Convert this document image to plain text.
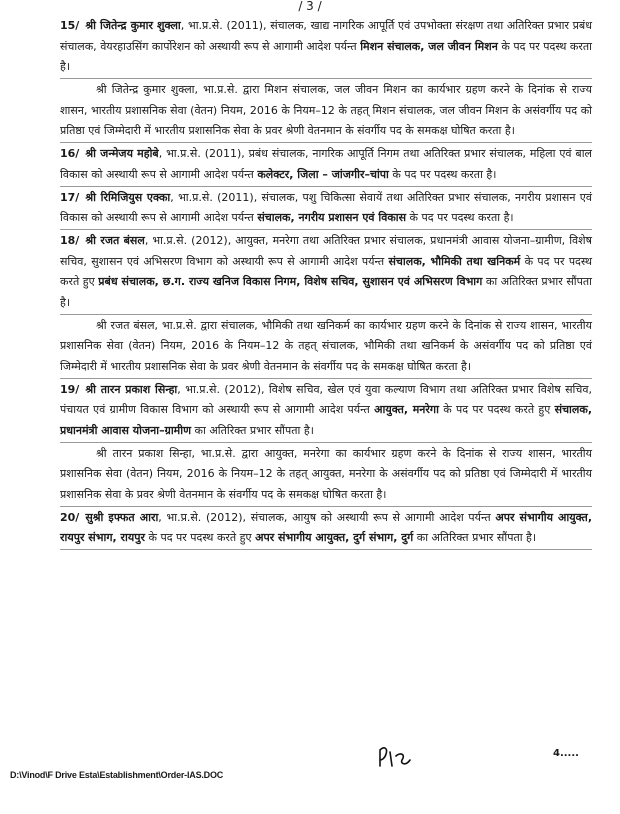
/ 3 /

15/ श्री जितेन्द्र कुमार शुक्ला, भा.प्र.से. (2011), संचालक, खाद्य नागरिक आपूर्ति एवं उपभोक्ता संरक्षण तथा अतिरिक्त प्रभार प्रबंध संचालक, वेयरहाउसिंग कार्पोरेशन को अस्थायी रूप से आगामी आदेश पर्यन्त मिशन संचालक, जल जीवन मिशन के पद पर पदस्थ करता है।

श्री जितेन्द्र कुमार शुक्ला, भा.प्र.से. द्वारा मिशन संचालक, जल जीवन मिशन का कार्यभार ग्रहण करने के दिनांक से राज्य शासन, भारतीय प्रशासनिक सेवा (वेतन) नियम, 2016 के नियम–12 के तहत् मिशन संचालक, जल जीवन मिशन के असंवर्गीय पद को प्रतिष्ठा एवं जिम्मेदारी में भारतीय प्रशासनिक सेवा के प्रवर श्रेणी वेतनमान के संवर्गीय पद के समकक्ष घोषित करता है।

16/ श्री जन्मेजय महोबे, भा.प्र.से. (2011), प्रबंध संचालक, नागरिक आपूर्ति निगम तथा अतिरिक्त प्रभार संचालक, महिला एवं बाल विकास को अस्थायी रूप से आगामी आदेश पर्यन्त कलेक्टर, जिला – जांजगीर–चांपा के पद पर पदस्थ करता है।

17/ श्री रिमिजियुस एक्का, भा.प्र.से. (2011), संचालक, पशु चिकित्सा सेवायें तथा अतिरिक्त प्रभार संचालक, नगरीय प्रशासन एवं विकास को अस्थायी रूप से आगामी आदेश पर्यन्त संचालक, नगरीय प्रशासन एवं विकास के पद पर पदस्थ करता है।

18/ श्री रजत बंसल, भा.प्र.से. (2012), आयुक्त, मनरेगा तथा अतिरिक्त प्रभार संचालक, प्रधानमंत्री आवास योजना–ग्रामीण, विशेष सचिव, सुशासन एवं अभिसरण विभाग को अस्थायी रूप से आगामी आदेश पर्यन्त संचालक, भौमिकी तथा खनिकर्म के पद पर पदस्थ करते हुए प्रबंध संचालक, छ.ग. राज्य खनिज विकास निगम, विशेष सचिव, सुशासन एवं अभिसरण विभाग का अतिरिक्त प्रभार सौंपता है।

श्री रजत बंसल, भा.प्र.से. द्वारा संचालक, भौमिकी तथा खनिकर्म का कार्यभार ग्रहण करने के दिनांक से राज्य शासन, भारतीय प्रशासनिक सेवा (वेतन) नियम, 2016 के नियम–12 के तहत् संचालक, भौमिकी तथा खनिकर्म के असंवर्गीय पद को प्रतिष्ठा एवं जिम्मेदारी में भारतीय प्रशासनिक सेवा के प्रवर श्रेणी वेतनमान के संवर्गीय पद के समकक्ष घोषित करता है।

19/ श्री तारन प्रकाश सिन्हा, भा.प्र.से. (2012), विशेष सचिव, खेल एवं युवा कल्याण विभाग तथा अतिरिक्त प्रभार विशेष सचिव, पंचायत एवं ग्रामीण विकास विभाग को अस्थायी रूप से आगामी आदेश पर्यन्त आयुक्त, मनरेगा के पद पर पदस्थ करते हुए संचालक, प्रधानमंत्री आवास योजना–ग्रामीण का अतिरिक्त प्रभार सौंपता है।

श्री तारन प्रकाश सिन्हा, भा.प्र.से. द्वारा आयुक्त, मनरेगा का कार्यभार ग्रहण करने के दिनांक से राज्य शासन, भारतीय प्रशासनिक सेवा (वेतन) नियम, 2016 के नियम–12 के तहत् आयुक्त, मनरेगा के असंवर्गीय पद को प्रतिष्ठा एवं जिम्मेदारी में भारतीय प्रशासनिक सेवा के प्रवर श्रेणी वेतनमान के संवर्गीय पद के समकक्ष घोषित करता है।

20/ सुश्री इफ्फत आरा, भा.प्र.से. (2012), संचालक, आयुष को अस्थायी रूप से आगामी आदेश पर्यन्त अपर संभागीय आयुक्त, रायपुर संभाग, रायपुर के पद पर पदस्थ करते हुए अपर संभागीय आयुक्त, दुर्ग संभाग, दुर्ग का अतिरिक्त प्रभार सौंपता है।

4.....
D:\Vinod\F Drive Esta\Establishment\Order-IAS.DOC
